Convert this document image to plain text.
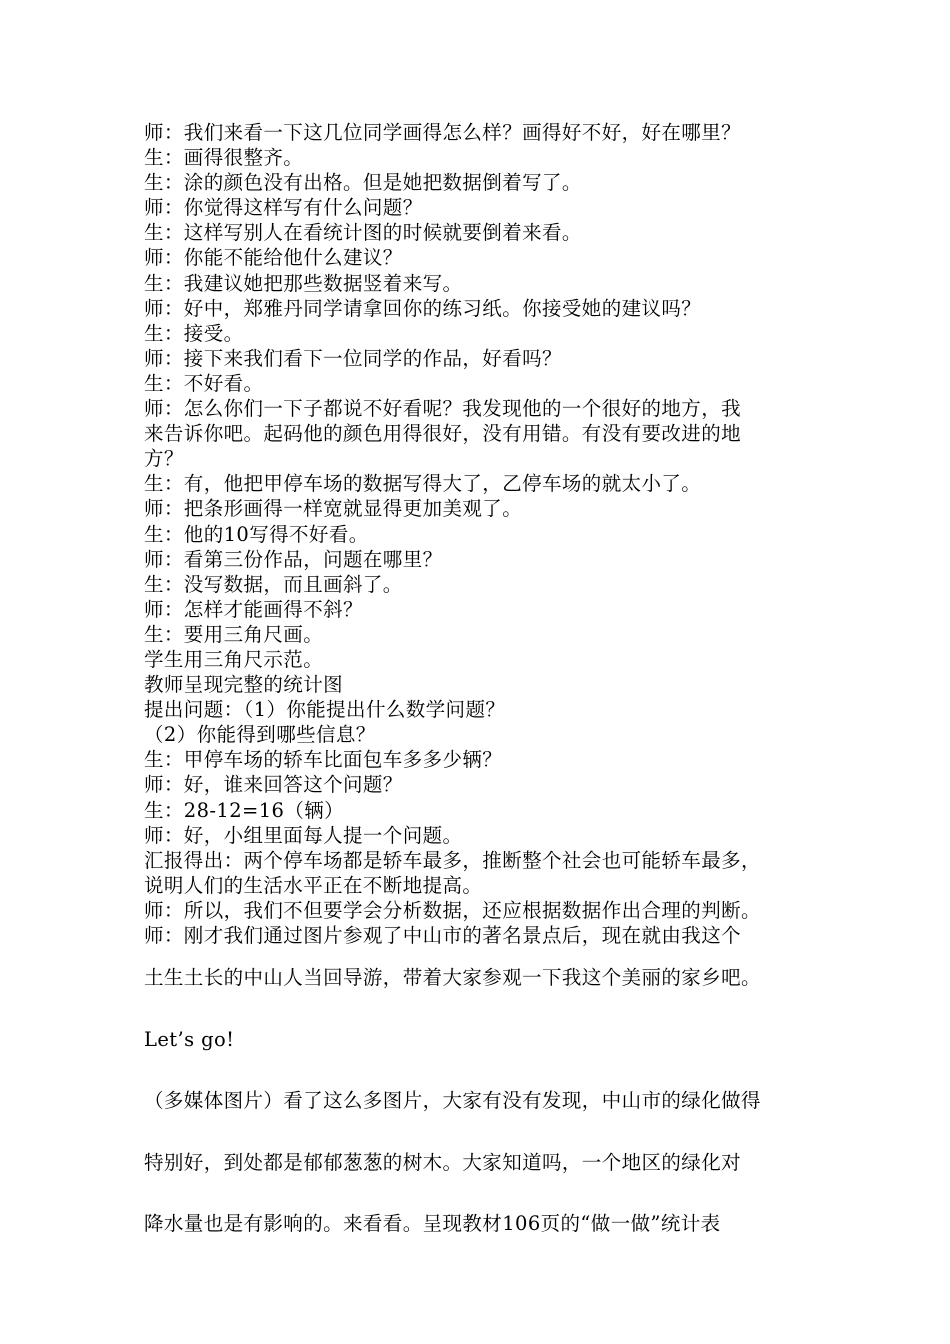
师：我们来看一下这几位同学画得怎么样？画得好不好，好在哪里？
生：画得很整齐。
生：涂的颜色没有出格。但是她把数据倒着写了。
师：你觉得这样写有什么问题？
生：这样写别人在看统计图的时候就要倒着来看。
师：你能不能给他什么建议？
生：我建议她把那些数据竖着来写。
师：好中，郑雅丹同学请拿回你的练习纸。你接受她的建议吗？
生：接受。
师：接下来我们看下一位同学的作品，好看吗？
生：不好看。
师：怎么你们一下子都说不好看呢？我发现他的一个很好的地方，我
来告诉你吧。起码他的颜色用得很好，没有用错。有没有要改进的地
方？
生：有，他把甲停车场的数据写得大了，乙停车场的就太小了。
师：把条形画得一样宽就显得更加美观了。
生：他的10写得不好看。
师：看第三份作品，问题在哪里？
生：没写数据，而且画斜了。
师：怎样才能画得不斜？
生：要用三角尺画。
学生用三角尺示范。
教师呈现完整的统计图
提出问题：（1）你能提出什么数学问题？
（2）你能得到哪些信息？
生：甲停车场的轿车比面包车多多少辆？
师：好，谁来回答这个问题？
生：28-12=16（辆）
师：好，小组里面每人提一个问题。
汇报得出：两个停车场都是轿车最多，推断整个社会也可能轿车最多，
说明人们的生活水平正在不断地提高。
师：所以，我们不但要学会分析数据，还应根据数据作出合理的判断。
师：刚才我们通过图片参观了中山市的著名景点后，现在就由我这个
土生土长的中山人当回导游，带着大家参观一下我这个美丽的家乡吧。
Let’s go!
（多媒体图片）看了这么多图片，大家有没有发现，中山市的绿化做得
特别好，到处都是郁郁葱葱的树木。大家知道吗，一个地区的绿化对
降水量也是有影响的。来看看。呈现教材106页的“做一做”统计表
